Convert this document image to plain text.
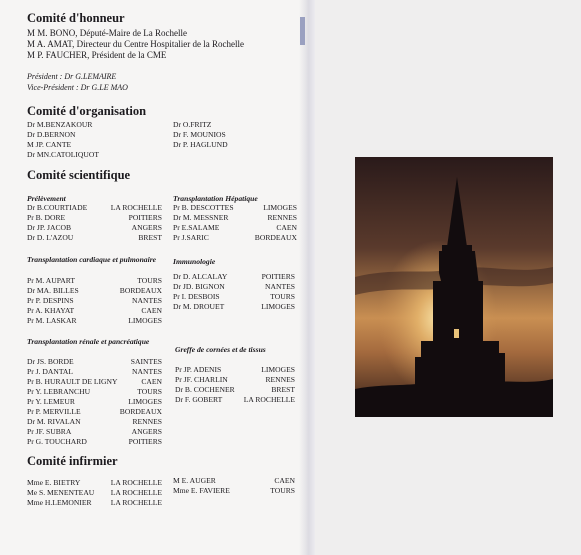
Comité d'honneur
M M. BONO, Député-Maire de La Rochelle
M A. AMAT, Directeur du Centre Hospitalier de la Rochelle
M P. FAUCHER, Président de la CME
Président : Dr G.LEMAIRE
Vice-Président : Dr G.LE MAO
Comité d'organisation
Dr M.BENZAKOUR
Dr D.BERNON
M JP. CANTE
Dr MN.CATOLIQUOT
Dr O.FRITZ
Dr F. MOUNIOS
Dr P. HAGLUND
Comité scientifique
Prélèvement
Dr B.COURTIADE	LA ROCHELLE
Pr B. DORE	POITIERS
Dr JP. JACOB	ANGERS
Dr D. L'AZOU	BREST
Transplantation Hépatique
Pr B. DESCOTTES	LIMOGES
Dr M. MESSNER	RENNES
Pr E.SALAME	CAEN
Pr J.SARIC	BORDEAUX
Transplantation cardiaque et pulmonaire
Pr M. AUPART	TOURS
Dr MA. BILLES	BORDEAUX
Pr P. DESPINS	NANTES
Pr A. KHAYAT	CAEN
Pr M. LASKAR	LIMOGES
Immunologie
Dr D. ALCALAY	POITIERS
Dr JD. BIGNON	NANTES
Pr I. DESBOIS	TOURS
Dr M. DROUET	LIMOGES
Transplantation rénale et pancréatique
Dr JS. BORDE	SAINTES
Pr J. DANTAL	NANTES
Pr B. HURAULT DE LIGNY	CAEN
Pr Y. LEBRANCHU	TOURS
Pr Y. LEMEUR	LIMOGES
Pr P. MERVILLE	BORDEAUX
Dr M. RIVALAN	RENNES
Pr JF. SUBRA	ANGERS
Pr G. TOUCHARD	POITIERS
Greffe de cornées et de tissus
Pr JP. ADENIS	LIMOGES
Pr JF. CHARLIN	RENNES
Dr B. COCHENER	BREST
Dr F. GOBERT	LA ROCHELLE
Comité infirmier
Mme E. BIETRY	LA ROCHELLE
Me S. MENENTEAU LA ROCHELLE
Mme H.LEMONIER	LA ROCHELLE
M E. AUGER	CAEN
Mme E. FAVIERE	TOURS
